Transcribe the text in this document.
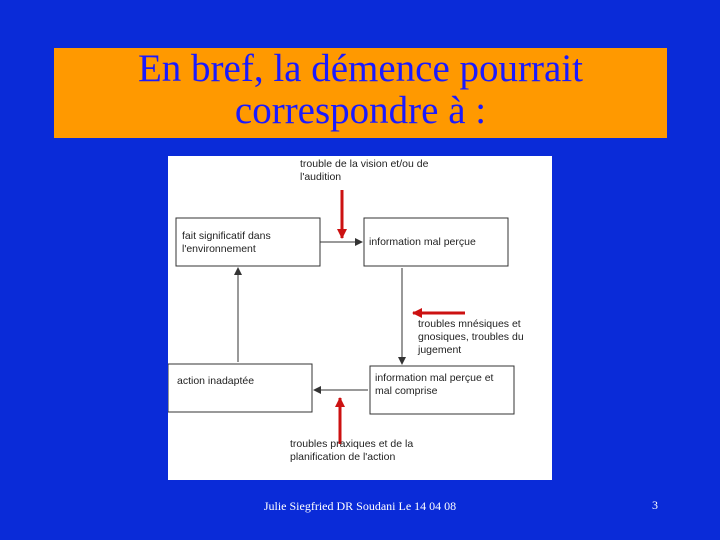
En bref, la démence pourrait correspondre à :
trouble de la vision et/ou de l'audition
fait significatif dans l'environnement
information mal perçue
troubles mnésiques et gnosiques, troubles du jugement
information mal perçue et mal comprise
action inadaptée
troubles praxiques et de la planification de l'action
Julie Siegfried DR Soudani Le 14 04 08	3
